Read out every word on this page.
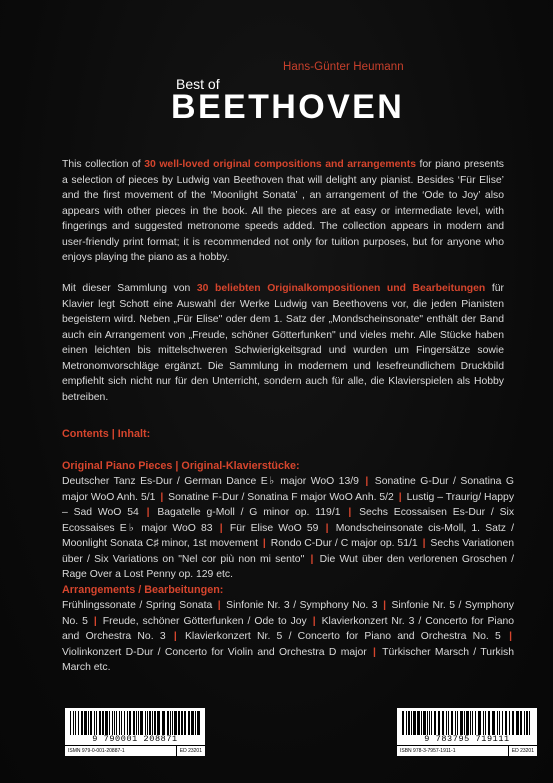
Hans-Günter Heumann
Best of
BEETHOVEN

This collection of 30 well-loved original compositions and arrangements for piano presents a selection of pieces by Ludwig van Beethoven that will delight any pianist. Besides ‘Für Elise’ and the first movement of the ‘Moonlight Sonata’ , an arrangement of the ‘Ode to Joy’ also appears with other pieces in the book. All the pieces are at easy or intermediate level, with fingerings and suggested metronome speeds added. The collection appears in modern and user-friendly print format; it is recommended not only for tuition purposes, but for anyone who enjoys playing the piano as a hobby.

Mit dieser Sammlung von 30 beliebten Originalkompositionen und Bearbeitungen für Klavier legt Schott eine Auswahl der Werke Ludwig van Beethovens vor, die jeden Pianisten begeistern wird. Neben „Für Elise" oder dem 1. Satz der „Mondscheinsonate" enthält der Band auch ein Arrangement von „Freude, schöner Götterfunken" und vieles mehr. Alle Stücke haben einen leichten bis mittelschweren Schwierigkeitsgrad und wurden um Fingersätze sowie Metronomvorschläge ergänzt. Die Sammlung in modernem und lesefreundlichem Druckbild empfiehlt sich nicht nur für den Unterricht, sondern auch für alle, die Klavierspielen als Hobby betreiben.

Contents | Inhalt:
Original Piano Pieces | Original-Klavierstücke:

Deutscher Tanz Es-Dur / German Dance E♭ major WoO 13/9 | Sonatine G-Dur / Sonatina G major WoO Anh. 5/1 | Sonatine F-Dur / Sonatina F major WoO Anh. 5/2 | Lustig – Traurig/ Happy – Sad WoO 54 | Bagatelle g-Moll / G minor op. 119/1 | Sechs Ecossaisen Es-Dur / Six Ecossaises E♭ major WoO 83 | Für Elise WoO 59 | Mondscheinsonate cis-Moll, 1. Satz / Moonlight Sonata C♯ minor, 1st movement | Rondo C-Dur / C major op. 51/1 | Sechs Variationen über / Six Variations on "Nel cor più non mi sento" | Die Wut über den verlorenen Groschen / Rage Over a Lost Penny op. 129 etc.

Arrangements / Bearbeitungen:

Frühlingssonate / Spring Sonata | Sinfonie Nr. 3 / Symphony No. 3 | Sinfonie Nr. 5 / Symphony No. 5 | Freude, schöner Götterfunken / Ode to Joy | Klavierkonzert Nr. 3 / Concerto for Piano and Orchestra No. 3 | Klavierkonzert Nr. 5 / Concerto for Piano and Orchestra No. 5 | Violinkonzert D-Dur / Concerto for Violin and Orchestra D major | Türkischer Marsch / Turkish March etc.

9 790001 208871
ISMN 979-0-001-20887-1	ED 23201
9 783795 719111
ISBN 978-3-7957-1911-1	ED 23201
